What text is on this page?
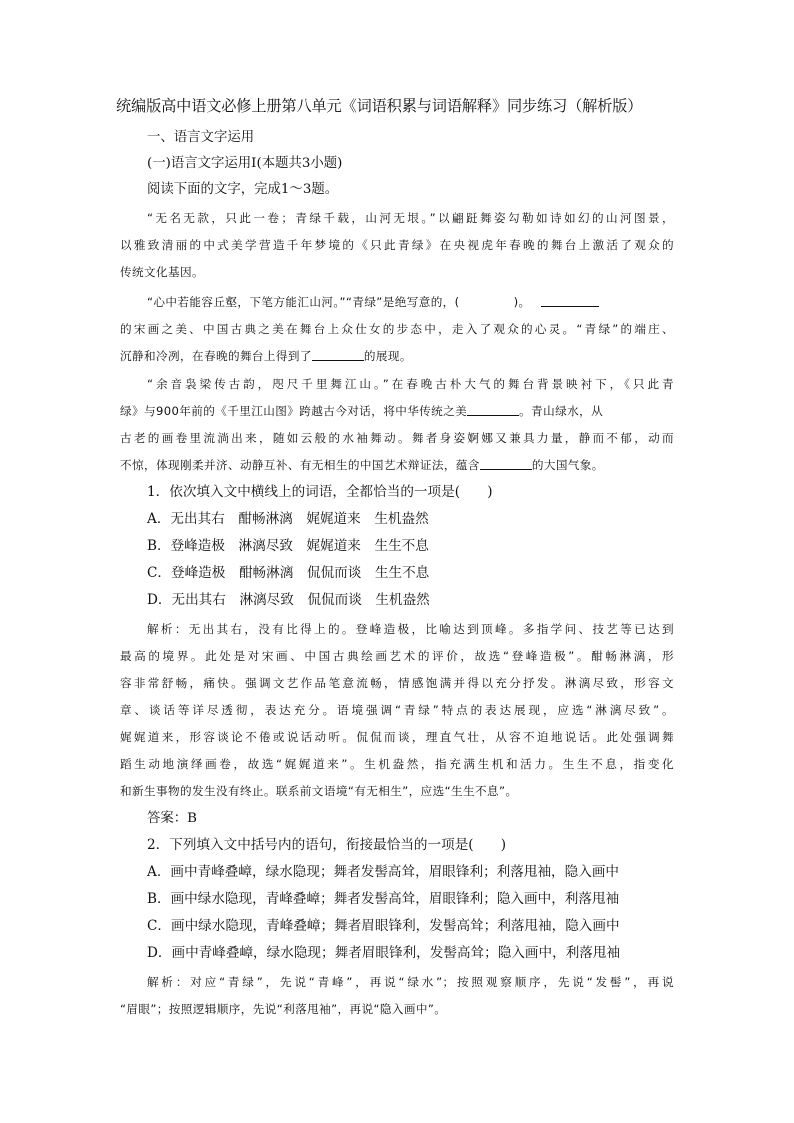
统编版高中语文必修上册第八单元《词语积累与词语解释》同步练习（解析版）
一、语言文字运用
(一)语言文字运用Ⅰ(本题共3小题)
阅读下面的文字，完成1～3题。
“无名无款，只此一卷；青绿千载，山河无垠。”以翩跹舞姿勾勒如诗如幻的山河图景，
以雅致清丽的中式美学营造千年梦境的《只此青绿》在央视虎年春晚的舞台上激活了观众的
传统文化基因。
“心中若能容丘壑，下笔方能汇山河。”“青绿”是绝写意的，(	)。
的宋画之美、中国古典之美在舞台上众仕女的步态中，走入了观众的心灵。“青绿”的端庄、
沉静和冷冽，在春晚的舞台上得到了	的展现。
“余音袅梁传古韵，咫尺千里舞江山。”在春晚古朴大气的舞台背景映衬下，《只此青
绿》与900年前的《千里江山图》跨越古今对话，将中华传统之美	。青山绿水，从
古老的画卷里流淌出来，随如云般的水袖舞动。舞者身姿婀娜又兼具力量，静而不郁，动而
不惊，体现刚柔并济、动静互补、有无相生的中国艺术辩证法，蕴含	的大国气象。
1．依次填入文中横线上的词语，全都恰当的一项是(　　)
A．无出其右　酣畅淋漓　娓娓道来　生机盎然
B．登峰造极　淋漓尽致　娓娓道来　生生不息
C．登峰造极　酣畅淋漓　侃侃而谈　生生不息
D．无出其右　淋漓尽致　侃侃而谈　生机盎然
解析：无出其右，没有比得上的。登峰造极，比喻达到顶峰。多指学问、技艺等已达到
最高的境界。此处是对宋画、中国古典绘画艺术的评价，故选“登峰造极”。酣畅淋漓，形
容非常舒畅，痛快。强调文艺作品笔意流畅，情感饱满并得以充分抒发。淋漓尽致，形容文
章、谈话等详尽透彻，表达充分。语境强调“青绿”特点的表达展现，应选“淋漓尽致”。
娓娓道来，形容谈论不倦或说话动听。侃侃而谈，理直气壮，从容不迫地说话。此处强调舞
蹈生动地演绎画卷，故选“娓娓道来”。生机盎然，指充满生机和活力。生生不息，指变化
和新生事物的发生没有终止。联系前文语境“有无相生”，应选“生生不息”。
答案：B
2．下列填入文中括号内的语句，衔接最恰当的一项是(　　)
A．画中青峰叠嶂，绿水隐现；舞者发髻高耸，眉眼锋利；利落甩袖，隐入画中
B．画中绿水隐现，青峰叠嶂；舞者发髻高耸，眉眼锋利；隐入画中，利落甩袖
C．画中绿水隐现，青峰叠嶂；舞者眉眼锋利，发髻高耸；利落甩袖，隐入画中
D．画中青峰叠嶂，绿水隐现；舞者眉眼锋利，发髻高耸；隐入画中，利落甩袖
解析：对应“青绿”，先说“青峰”，再说“绿水”；按照观察顺序，先说“发髻”，再说
“眉眼”；按照逻辑顺序，先说“利落甩袖”，再说“隐入画中”。
